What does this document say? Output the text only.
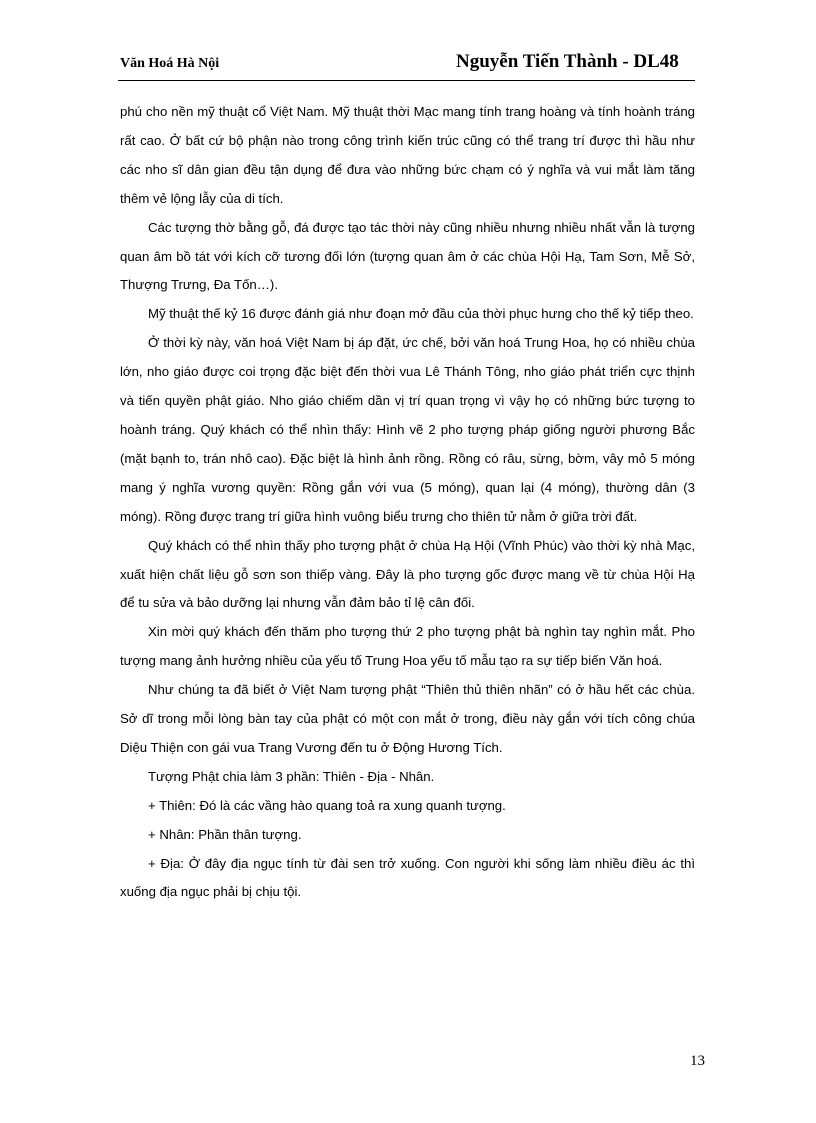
Văn Hoá Hà Nội	Nguyễn Tiến Thành - DL48

phú cho nền mỹ thuật cổ Việt Nam. Mỹ thuật thời Mạc mang tính trang hoàng và tính hoành tráng rất cao. Ở bất cứ bộ phận nào trong công trình kiến trúc cũng có thể trang trí được thì hầu như các nho sĩ dân gian đều tận dụng để đưa vào những bức chạm có ý nghĩa và vui mắt làm tăng thêm vẻ lộng lẫy của di tích.

Các tượng thờ bằng gỗ, đá được tạo tác thời này cũng nhiều nhưng nhiều nhất vẫn là tượng quan âm bồ tát với kích cỡ tương đối lớn (tượng quan âm ở các chùa Hội Hạ, Tam Sơn, Mễ Sở, Thượng Trưng, Đa Tốn…).

Mỹ thuật thế kỷ 16 được đánh giá như đoạn mở đầu của thời phục hưng cho thế kỷ tiếp theo.

Ở thời kỳ này, văn hoá Việt Nam bị áp đặt, ức chế, bởi văn hoá Trung Hoa, họ có nhiều chùa lớn, nho giáo được coi trọng đặc biệt đến thời vua Lê Thánh Tông, nho giáo phát triển cực thịnh và tiến quyền phật giáo. Nho giáo chiếm dần vị trí quan trọng vì vậy họ có những bức tượng to hoành tráng. Quý khách có thể nhìn thấy: Hình vẽ 2 pho tượng pháp giống người phương Bắc (mặt bạnh to, trán nhô cao). Đặc biệt là hình ảnh rồng. Rồng có râu, sừng, bờm, vây mỏ 5 móng mang ý nghĩa vương quyền: Rồng gắn với vua (5 móng), quan lại (4 móng), thường dân (3 móng). Rồng được trang trí giữa hình vuông biểu trưng cho thiên tử nằm ở giữa trời đất.

Quý khách có thể nhìn thấy pho tượng phật ở chùa Hạ Hội (Vĩnh Phúc) vào thời kỳ nhà Mạc, xuất hiện chất liệu gỗ sơn son thiếp vàng. Đây là pho tượng gốc được mang về từ chùa Hội Hạ để tu sửa và bảo dưỡng lại nhưng vẫn đảm bảo tỉ lệ cân đối.

Xin mời quý khách đến thăm pho tượng thứ 2 pho tượng phật bà nghìn tay nghìn mắt. Pho tượng mang ảnh hưởng nhiều của yếu tố Trung Hoa yếu tố mẫu tạo ra sự tiếp biến Văn hoá.

Như chúng ta đã biết ở Việt Nam tượng phật “Thiên thủ thiên nhãn” có ở hầu hết các chùa. Sở dĩ trong mỗi lòng bàn tay của phật có một con mắt ở trong, điều này gắn với tích công chúa Diệu Thiện con gái vua Trang Vương đến tu ở Động Hương Tích.

Tượng Phật chia làm 3 phần: Thiên - Địa - Nhân.

+ Thiên: Đó là các vầng hào quang toả ra xung quanh tượng.

+ Nhân: Phần thân tượng.

+ Địa: Ở đây địa ngục tính từ đài sen trở xuống. Con người khi sống làm nhiều điều ác thì xuống địa ngục phải bị chịu tội.

13
